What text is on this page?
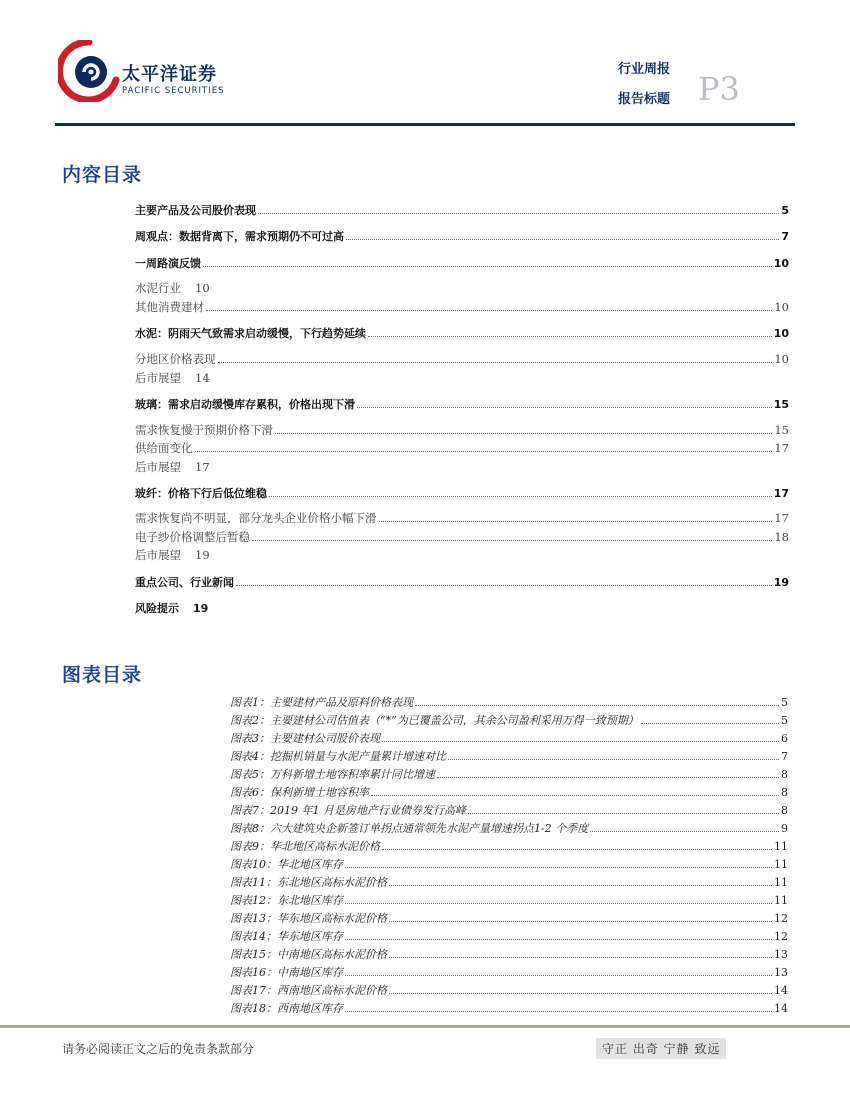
太平洋证券
PACIFIC SECURITIES
行业周报
报告标题 P3
内容目录
主要产品及公司股价表现	5
周观点：数据背离下，需求预期仍不可过高	7
一周路演反馈	10
水泥行业 10
其他消费建材	10
水泥：阴雨天气致需求启动缓慢，下行趋势延续	10
分地区价格表现	10
后市展望 14
玻璃：需求启动缓慢库存累积，价格出现下滑	15
需求恢复慢于预期价格下滑	15
供给面变化	17
后市展望 17
玻纤：价格下行后低位维稳	17
需求恢复尚不明显，部分龙头企业价格小幅下滑	17
电子纱价格调整后暂稳	18
后市展望 19
重点公司、行业新闻	19
风险提示 19
图表目录
图表1：主要建材产品及原料价格表现	5
图表2：主要建材公司估值表（“*”为已覆盖公司，其余公司盈利采用万得一致预期）	5
图表3：主要建材公司股价表现	6
图表4：挖掘机销量与水泥产量累计增速对比	7
图表5：万科新增土地容积率累计同比增速	8
图表6：保利新增土地容积率	8
图表7：2019 年1 月是房地产行业债券发行高峰	8
图表8：六大建筑央企新签订单拐点通常领先水泥产量增速拐点1-2 个季度	9
图表9：华北地区高标水泥价格	11
图表10：华北地区库存	11
图表11：东北地区高标水泥价格	11
图表12：东北地区库存	11
图表13：华东地区高标水泥价格	12
图表14：华东地区库存	12
图表15：中南地区高标水泥价格	13
图表16：中南地区库存	13
图表17：西南地区高标水泥价格	14
图表18：西南地区库存	14
请务必阅读正文之后的免责条款部分	守正 出奇 宁静 致远
